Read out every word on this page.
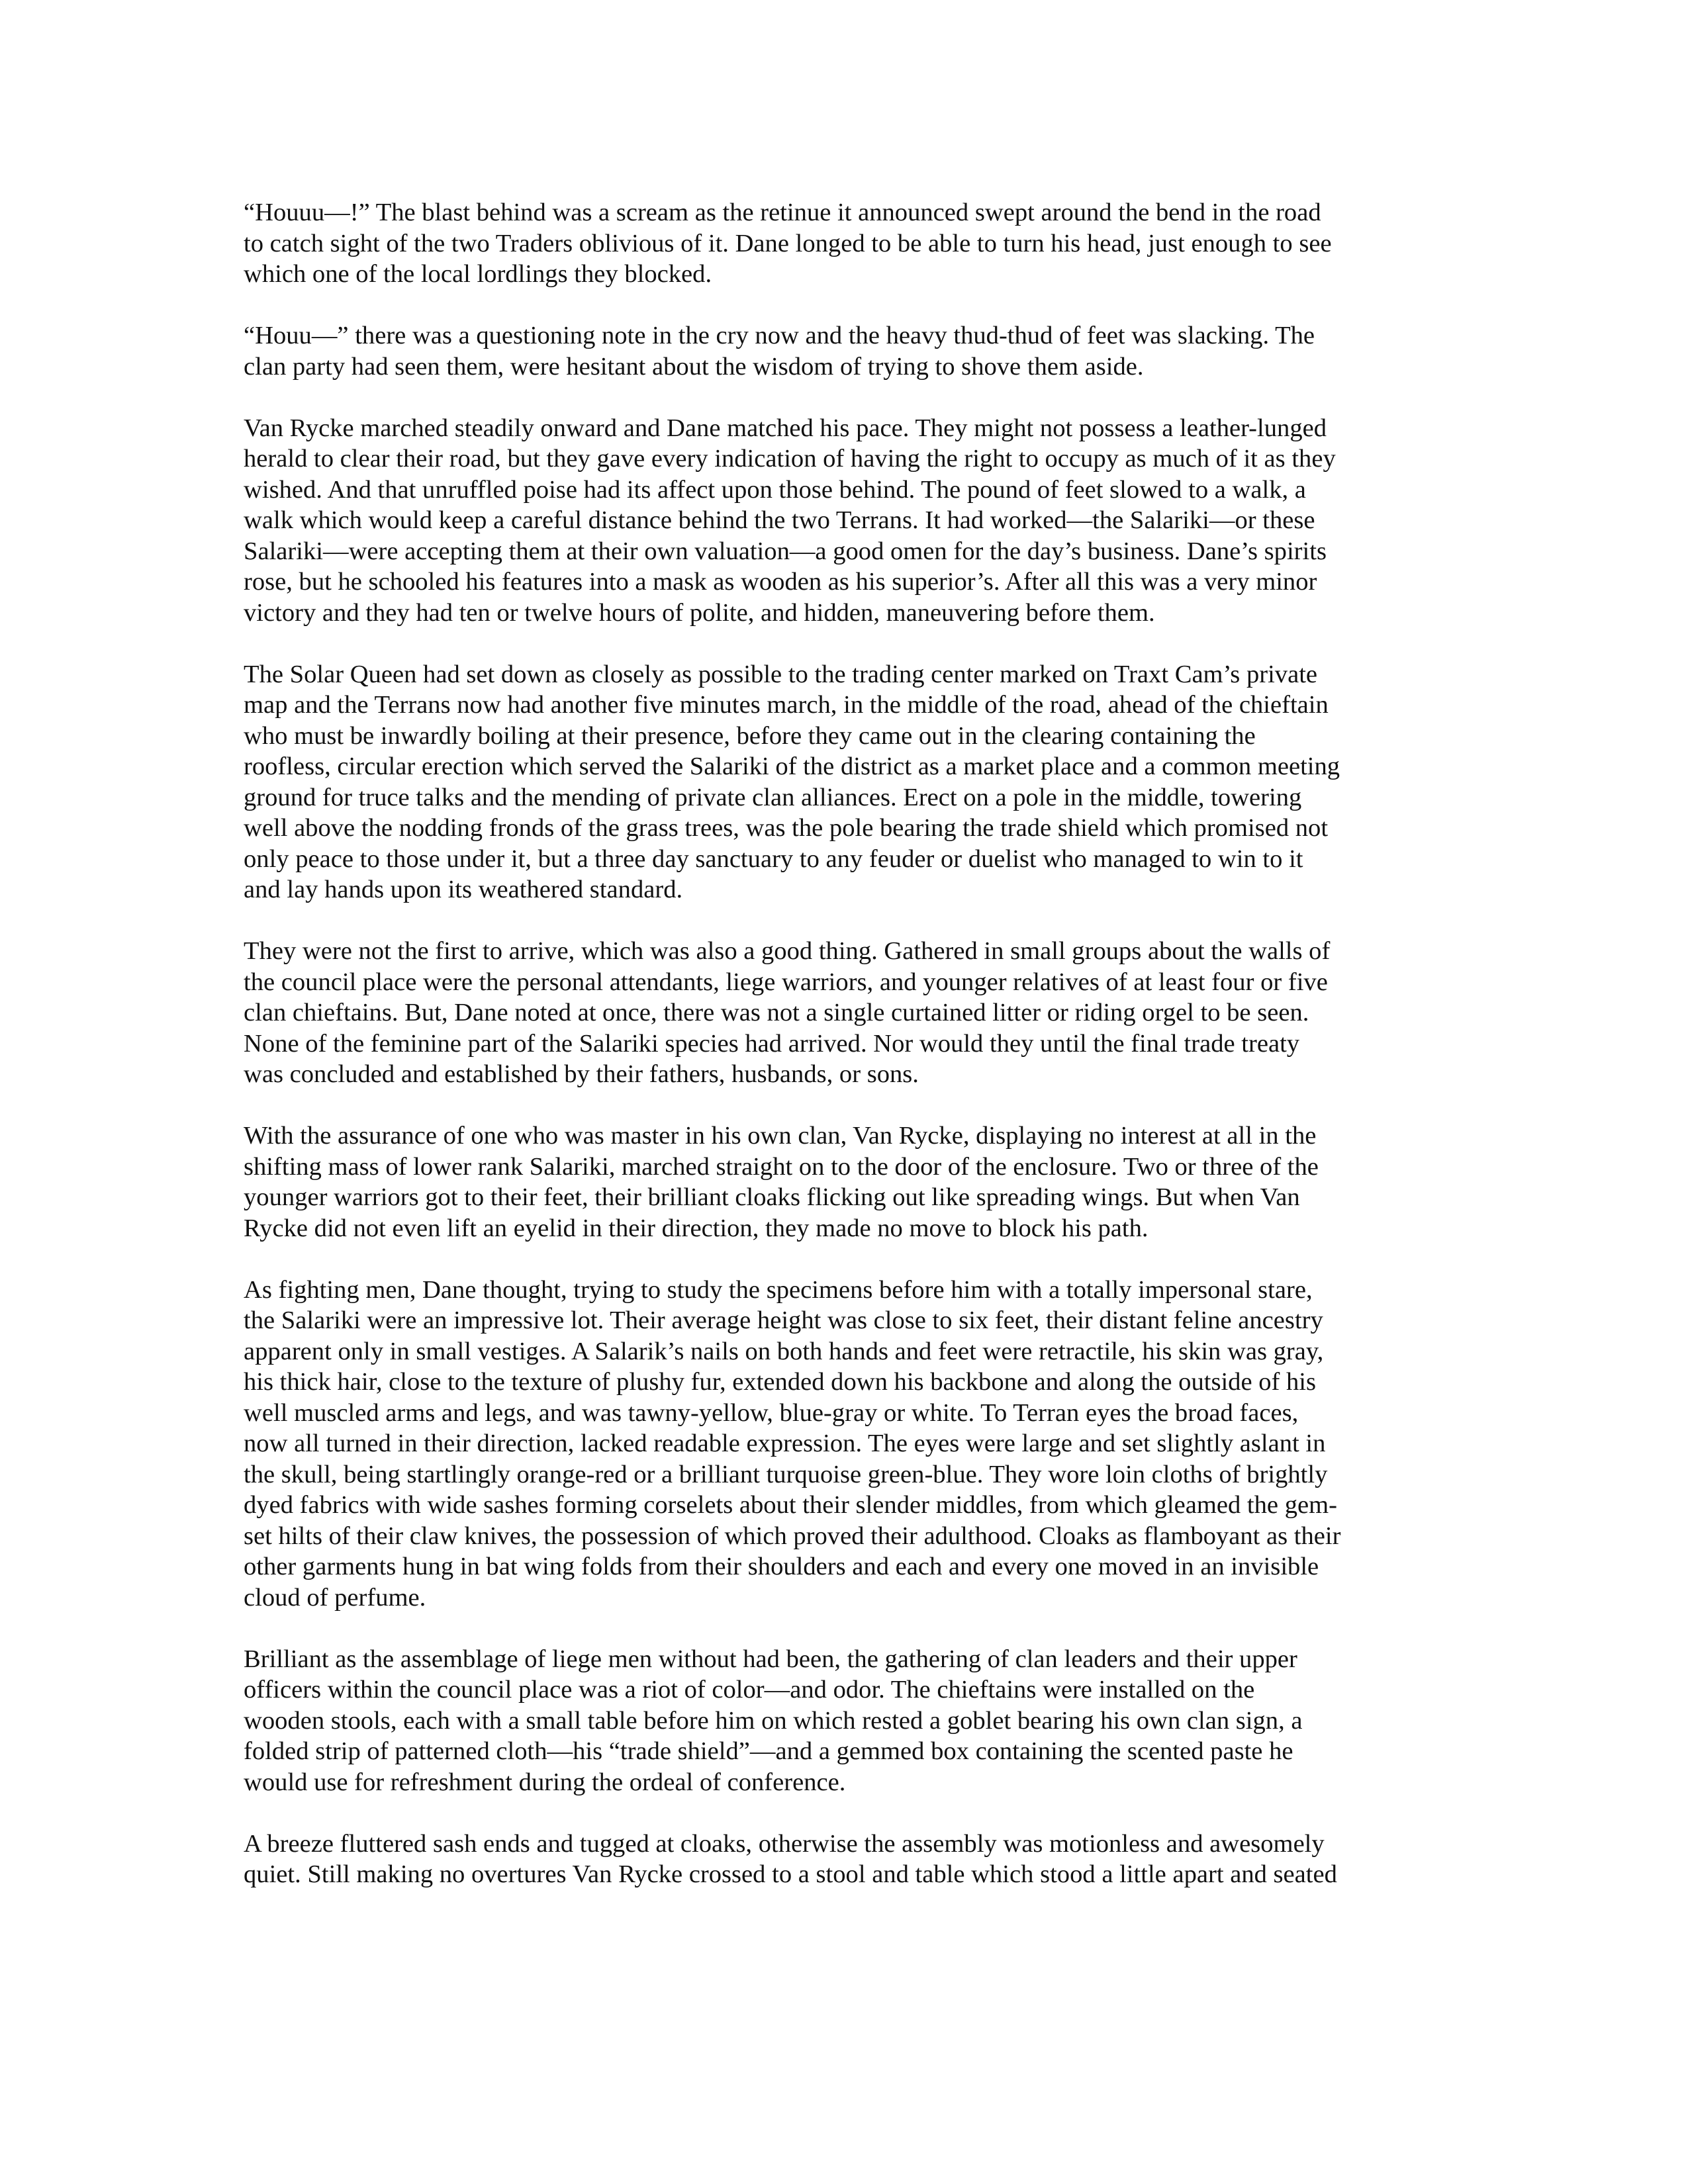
“Houuu—!” The blast behind was a scream as the retinue it announced swept around the bend in the road
to catch sight of the two Traders oblivious of it. Dane longed to be able to turn his head, just enough to see
which one of the local lordlings they blocked.
“Houu—” there was a questioning note in the cry now and the heavy thud-thud of feet was slacking. The
clan party had seen them, were hesitant about the wisdom of trying to shove them aside.
Van Rycke marched steadily onward and Dane matched his pace. They might not possess a leather-lunged
herald to clear their road, but they gave every indication of having the right to occupy as much of it as they
wished. And that unruffled poise had its affect upon those behind. The pound of feet slowed to a walk, a
walk which would keep a careful distance behind the two Terrans. It had worked—the Salariki—or these
Salariki—were accepting them at their own valuation—a good omen for the day’s business. Dane’s spirits
rose, but he schooled his features into a mask as wooden as his superior’s. After all this was a very minor
victory and they had ten or twelve hours of polite, and hidden, maneuvering before them.
The Solar Queen had set down as closely as possible to the trading center marked on Traxt Cam’s private
map and the Terrans now had another five minutes march, in the middle of the road, ahead of the chieftain
who must be inwardly boiling at their presence, before they came out in the clearing containing the
roofless, circular erection which served the Salariki of the district as a market place and a common meeting
ground for truce talks and the mending of private clan alliances. Erect on a pole in the middle, towering
well above the nodding fronds of the grass trees, was the pole bearing the trade shield which promised not
only peace to those under it, but a three day sanctuary to any feuder or duelist who managed to win to it
and lay hands upon its weathered standard.
They were not the first to arrive, which was also a good thing. Gathered in small groups about the walls of
the council place were the personal attendants, liege warriors, and younger relatives of at least four or five
clan chieftains. But, Dane noted at once, there was not a single curtained litter or riding orgel to be seen.
None of the feminine part of the Salariki species had arrived. Nor would they until the final trade treaty
was concluded and established by their fathers, husbands, or sons.
With the assurance of one who was master in his own clan, Van Rycke, displaying no interest at all in the
shifting mass of lower rank Salariki, marched straight on to the door of the enclosure. Two or three of the
younger warriors got to their feet, their brilliant cloaks flicking out like spreading wings. But when Van
Rycke did not even lift an eyelid in their direction, they made no move to block his path.
As fighting men, Dane thought, trying to study the specimens before him with a totally impersonal stare,
the Salariki were an impressive lot. Their average height was close to six feet, their distant feline ancestry
apparent only in small vestiges. A Salarik’s nails on both hands and feet were retractile, his skin was gray,
his thick hair, close to the texture of plushy fur, extended down his backbone and along the outside of his
well muscled arms and legs, and was tawny-yellow, blue-gray or white. To Terran eyes the broad faces,
now all turned in their direction, lacked readable expression. The eyes were large and set slightly aslant in
the skull, being startlingly orange-red or a brilliant turquoise green-blue. They wore loin cloths of brightly
dyed fabrics with wide sashes forming corselets about their slender middles, from which gleamed the gem-
set hilts of their claw knives, the possession of which proved their adulthood. Cloaks as flamboyant as their
other garments hung in bat wing folds from their shoulders and each and every one moved in an invisible
cloud of perfume.
Brilliant as the assemblage of liege men without had been, the gathering of clan leaders and their upper
officers within the council place was a riot of color—and odor. The chieftains were installed on the
wooden stools, each with a small table before him on which rested a goblet bearing his own clan sign, a
folded strip of patterned cloth—his “trade shield”—and a gemmed box containing the scented paste he
would use for refreshment during the ordeal of conference.
A breeze fluttered sash ends and tugged at cloaks, otherwise the assembly was motionless and awesomely
quiet. Still making no overtures Van Rycke crossed to a stool and table which stood a little apart and seated
